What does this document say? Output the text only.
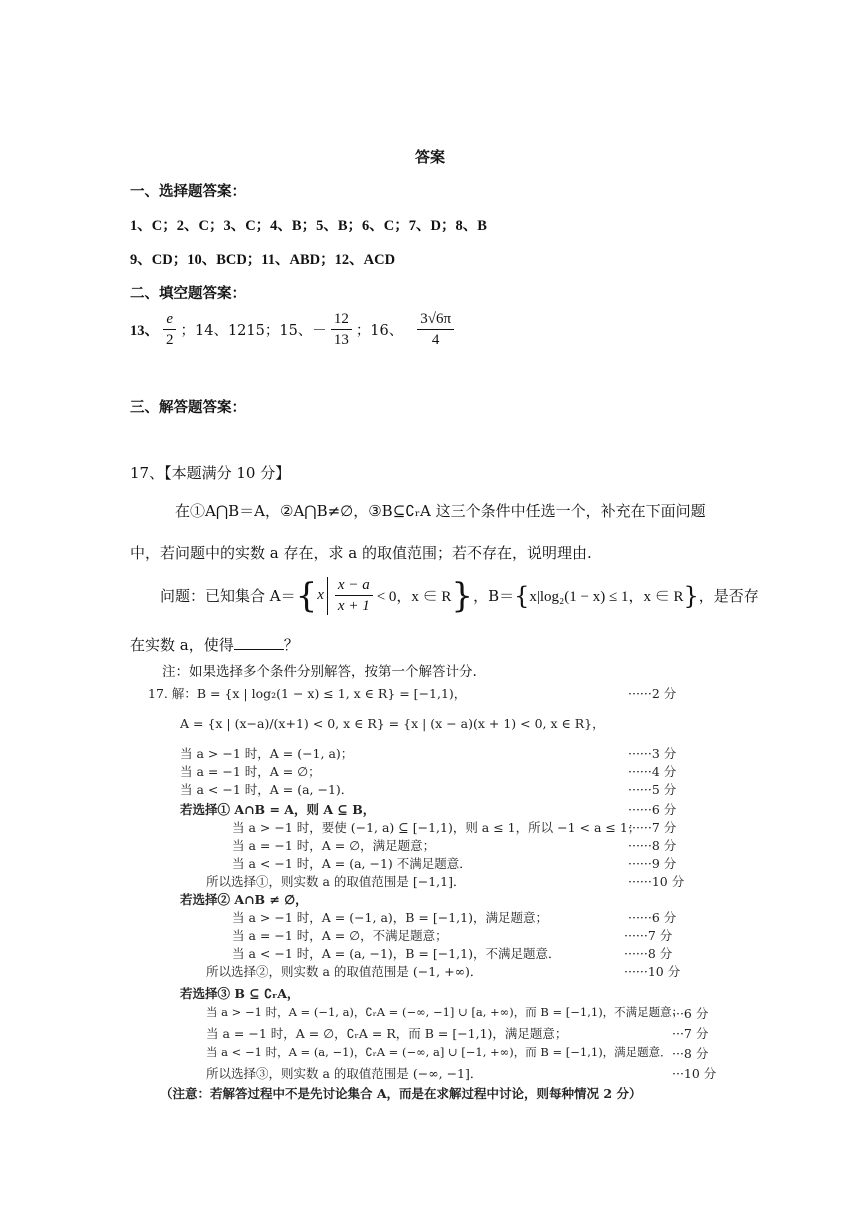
答案
一、选择题答案：
1、C；2、C；3、C；4、B；5、B；6、C；7、D；8、B
9、CD；10、BCD；11、ABD；12、ACD
二、填空题答案：
13、 $\frac{e}{2}$ ；14、1215；15、－ $\frac{12}{13}$ ；16、 $\frac{3√6\pi}{4}$
三、解答题答案：
17、【本题满分 10 分】
在①A⋂B＝A，②A⋂B≠∅，③B⊆∁ᵣA 这三个条件中任选一个，补充在下面问题
中，若问题中的实数 a 存在，求 a 的取值范围；若不存在，说明理由.
问题：已知集合 A＝ { x $\frac{x - a}{x + 1} < 0$，x ∈ R } ，B＝ { x|log₂(1 − x) ≤ 1，x ∈ R } ，是否存
在实数 a，使得	？
注：如果选择多个条件分别解答，按第一个解答计分.
17. 解：B = {x | log₂(1 − x) ≤ 1, x ∈ R} = [−1,1)，
A = {x | (x−a)/(x+1) < 0, x ∈ R} = {x | (x − a)(x + 1) < 0, x ∈ R}，
当 a > −1 时，A = (−1, a)；
当 a = −1 时，A = ∅；
当 a < −1 时，A = (a, −1)．
若选择① A∩B = A，则 A ⊆ B，
当 a > −1 时，要使 (−1, a) ⊆ [−1,1)，则 a ≤ 1，所以 −1 < a ≤ 1；
当 a = −1 时，A = ∅，满足题意；
当 a < −1 时，A = (a, −1) 不满足题意．
所以选择①，则实数 a 的取值范围是 [−1,1]．
若选择② A∩B ≠ ∅，
当 a > −1 时，A = (−1, a)，B = [−1,1)，满足题意；
当 a = −1 时，A = ∅，不满足题意；
当 a < −1 时，A = (a, −1)，B = [−1,1)，不满足题意．
所以选择②，则实数 a 的取值范围是 (−1, +∞)．
若选择③ B ⊆ ∁ᵣA，
当 a > −1 时，A = (−1, a)，∁ᵣA = (−∞, −1] ∪ [a, +∞)，而 B = [−1,1)，不满足题意；
当 a = −1 时，A = ∅，∁ᵣA = R，而 B = [−1,1)，满足题意；
当 a < −1 时，A = (a, −1)，∁ᵣA = (−∞, a] ∪ [−1, +∞)，而 B = [−1,1)，满足题意．
所以选择③，则实数 a 的取值范围是 (−∞, −1]．
（注意：若解答过程中不是先讨论集合 A，而是在求解过程中讨论，则每种情况 2 分）
······2 分
······3 分
······4 分
······5 分
······6 分
······7 分
······8 分
······9 分
······10 分
······6 分
······7 分
······8 分
······10 分
···6 分
···7 分
···8 分
···10 分
